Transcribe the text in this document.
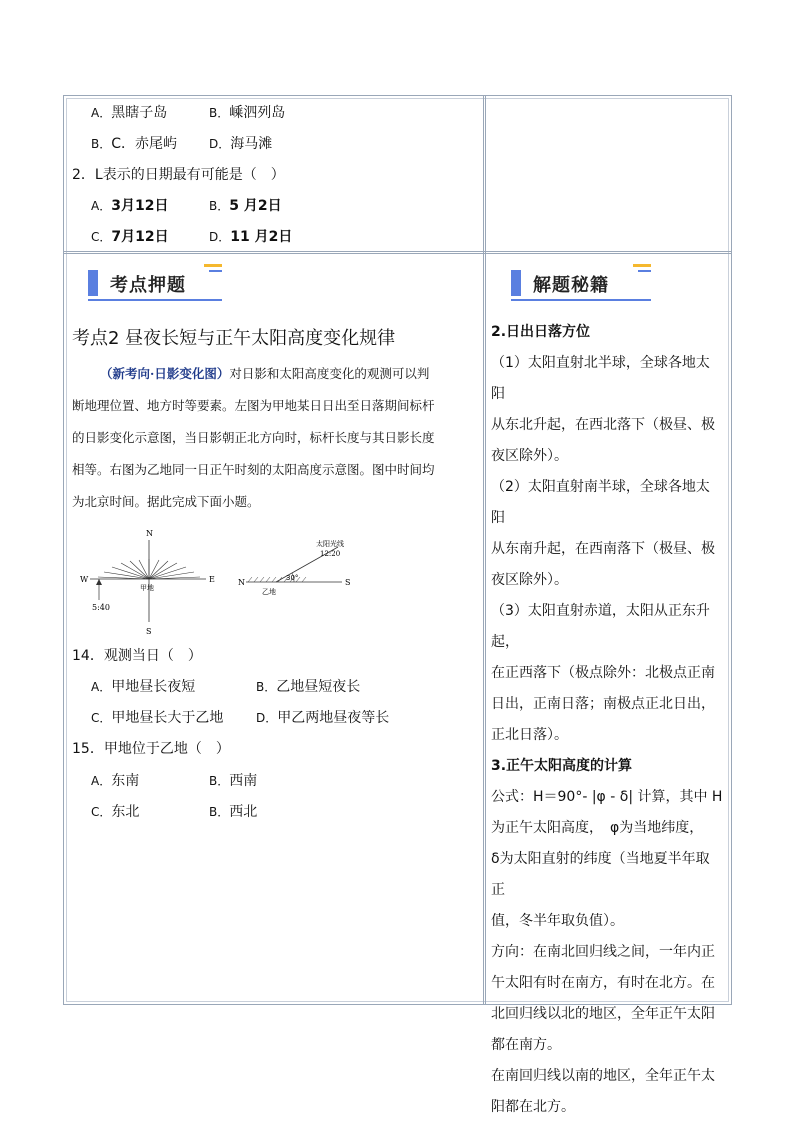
A．黑瞎子岛	B．嵊泗列岛
B．C．赤尾屿	D．海马滩
2．L表示的日期最有可能是（　）
A．3月12日	B．5 月2日
C．7月12日	D．11 月2日
考点押题	解题秘籍
考点2 昼夜长短与正午太阳高度变化规律
（新考向·日影变化图）对日影和太阳高度变化的观测可以判
断地理位置、地方时等要素。左图为甲地某日日出至日落期间标杆
的日影变化示意图，当日影朝正北方向时，标杆长度与其日影长度
相等。右图为乙地同一日正午时刻的太阳高度示意图。图中时间均
为北京时间。据此完成下面小题。
N
S
W	E
甲地
5:40
N	S
30°
太阳光线
12:20
乙地
14．观测当日（　）
A．甲地昼长夜短	B．乙地昼短夜长
C．甲地昼长大于乙地	D．甲乙两地昼夜等长
15．甲地位于乙地（　）
A．东南	B．西南
C．东北	B．西北
2.日出日落方位
（1）太阳直射北半球，全球各地太阳
从东北升起，在西北落下（极昼、极
夜区除外）。
（2）太阳直射南半球，全球各地太阳
从东南升起，在西南落下（极昼、极
夜区除外）。
（3）太阳直射赤道，太阳从正东升起，
在正西落下（极点除外：北极点正南
日出，正南日落；南极点正北日出，
正北日落）。
3.正午太阳高度的计算
公式：H＝90°- |φ - δ| 计算，其中 H
为正午太阳高度，　φ为当地纬度，
δ为太阳直射的纬度（当地夏半年取正
值，冬半年取负值）。
方向：在南北回归线之间，一年内正
午太阳有时在南方，有时在北方。在
北回归线以北的地区，全年正午太阳
都在南方。
在南回归线以南的地区，全年正午太
阳都在北方。
